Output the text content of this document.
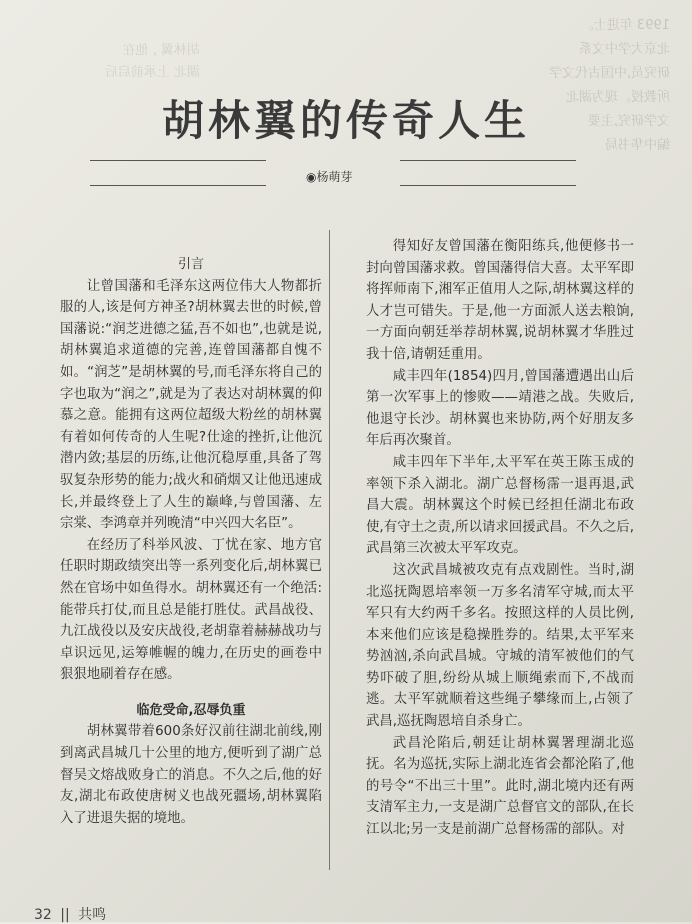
1993 年进士。
北京大学中文系
研究员,中国古代文学
所教授。现为湖北
文学研究,主要
编中华书局
胡林翼 , 他在
湖北 上承前启后
胡林翼的传奇人生
◉杨萌芽

引言

让曾国藩和毛泽东这两位伟大人物都折服的人,该是何方神圣?胡林翼去世的时候,曾国藩说:“润芝进德之猛,吾不如也”,也就是说,胡林翼追求道德的完善,连曾国藩都自愧不如。“润芝”是胡林翼的号,而毛泽东将自己的字也取为“润之”,就是为了表达对胡林翼的仰慕之意。能拥有这两位超级大粉丝的胡林翼有着如何传奇的人生呢?仕途的挫折,让他沉潜内敛;基层的历练,让他沉稳厚重,具备了驾驭复杂形势的能力;战火和硝烟又让他迅速成长,并最终登上了人生的巅峰,与曾国藩、左宗棠、李鸿章并列晚清“中兴四大名臣”。

在经历了科举风波、丁忧在家、地方官任职时期政绩突出等一系列变化后,胡林翼已然在官场中如鱼得水。胡林翼还有一个绝活:能带兵打仗,而且总是能打胜仗。武昌战役、九江战役以及安庆战役,老胡靠着赫赫战功与卓识远见,运筹帷幄的魄力,在历史的画卷中狠狠地刷着存在感。

临危受命,忍辱负重

胡林翼带着600条好汉前往湖北前线,刚到离武昌城几十公里的地方,便听到了湖广总督吴文熔战败身亡的消息。不久之后,他的好友,湖北布政使唐树义也战死疆场,胡林翼陷入了进退失据的境地。

得知好友曾国藩在衡阳练兵,他便修书一封向曾国藩求救。曾国藩得信大喜。太平军即将挥师南下,湘军正值用人之际,胡林翼这样的人才岂可错失。于是,他一方面派人送去粮饷,一方面向朝廷举荐胡林翼,说胡林翼才华胜过我十倍,请朝廷重用。

咸丰四年(1854)四月,曾国藩遭遇出山后第一次军事上的惨败——靖港之战。失败后,他退守长沙。胡林翼也来协防,两个好朋友多年后再次聚首。

咸丰四年下半年,太平军在英王陈玉成的率领下杀入湖北。湖广总督杨霈一退再退,武昌大震。胡林翼这个时候已经担任湖北布政使,有守土之责,所以请求回援武昌。不久之后,武昌第三次被太平军攻克。

这次武昌城被攻克有点戏剧性。当时,湖北巡抚陶恩培率领一万多名清军守城,而太平军只有大约两千多名。按照这样的人员比例,本来他们应该是稳操胜券的。结果,太平军来势汹汹,杀向武昌城。守城的清军被他们的气势吓破了胆,纷纷从城上顺绳索而下,不战而逃。太平军就顺着这些绳子攀缘而上,占领了武昌,巡抚陶恩培自杀身亡。

武昌沦陷后,朝廷让胡林翼署理湖北巡抚。名为巡抚,实际上湖北连省会都沦陷了,他的号令“不出三十里”。此时,湖北境内还有两支清军主力,一支是湖广总督官文的部队,在长江以北;另一支是前湖广总督杨霈的部队。对

32 || 共鸣
